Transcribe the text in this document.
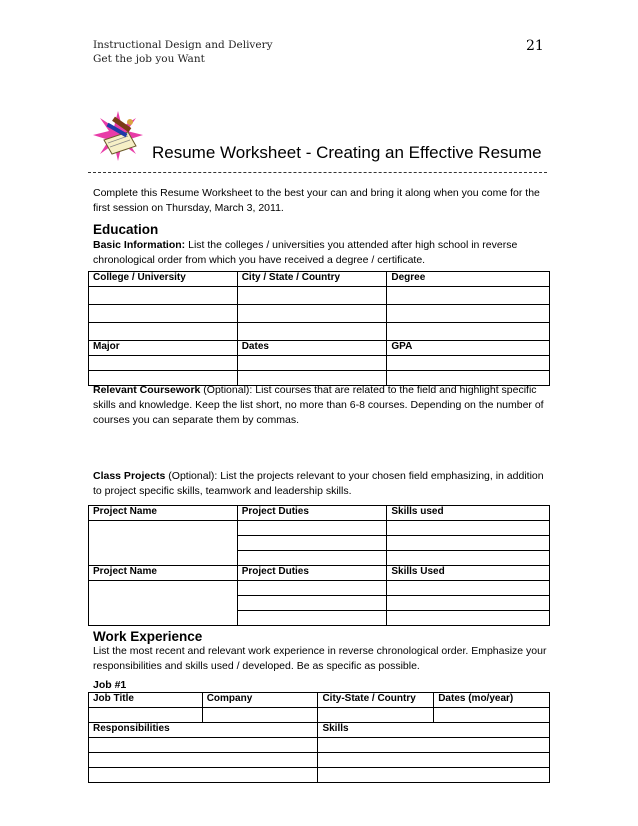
Instructional Design and Delivery
Get the job you Want
21
Resume Worksheet - Creating an Effective Resume
Complete this Resume Worksheet to the best your can and bring it along when you come for the first session on Thursday, March 3, 2011.
Education
Basic Information: List the colleges / universities you attended after high school in reverse chronological order from which you have received a degree / certificate.
College / University	City / State / Country	Degree

Major	Dates	GPA

Relevant Coursework (Optional): List courses that are related to the field and highlight specific skills and knowledge. Keep the list short, no more than 6-8 courses. Depending on the number of courses you can separate them by commas.
Class Projects (Optional): List the projects relevant to your chosen field emphasizing, in addition to project specific skills, teamwork and leadership skills.
Project Name	Project Duties	Skills used

Project Name	Project Duties	Skills Used

Work Experience
List the most recent and relevant work experience in reverse chronological order. Emphasize your responsibilities and skills used / developed. Be as specific as possible.
Job #1
Job Title	Company	City-State / Country	Dates (mo/year)

Responsibilities		Skills	
